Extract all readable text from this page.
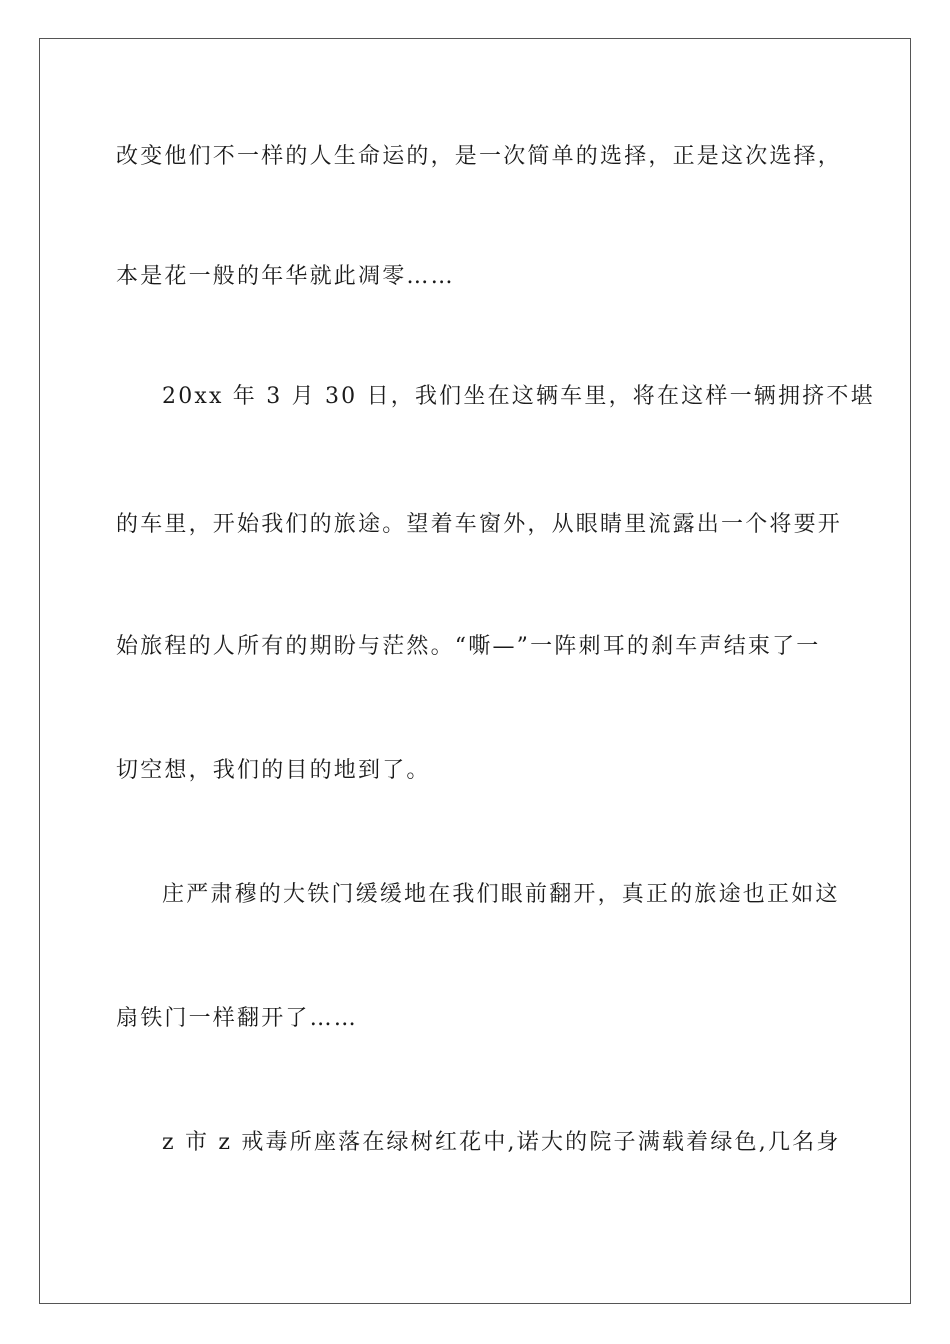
改变他们不一样的人生命运的，是一次简单的选择，正是这次选择，
本是花一般的年华就此凋零……
20xx 年 3 月 30 日，我们坐在这辆车里，将在这样一辆拥挤不堪
的车里，开始我们的旅途。望着车窗外，从眼睛里流露出一个将要开
始旅程的人所有的期盼与茫然。“嘶—”一阵刺耳的刹车声结束了一
切空想，我们的目的地到了。
庄严肃穆的大铁门缓缓地在我们眼前翻开，真正的旅途也正如这
扇铁门一样翻开了……
z 市 z 戒毒所座落在绿树红花中,诺大的院子满载着绿色,几名身
